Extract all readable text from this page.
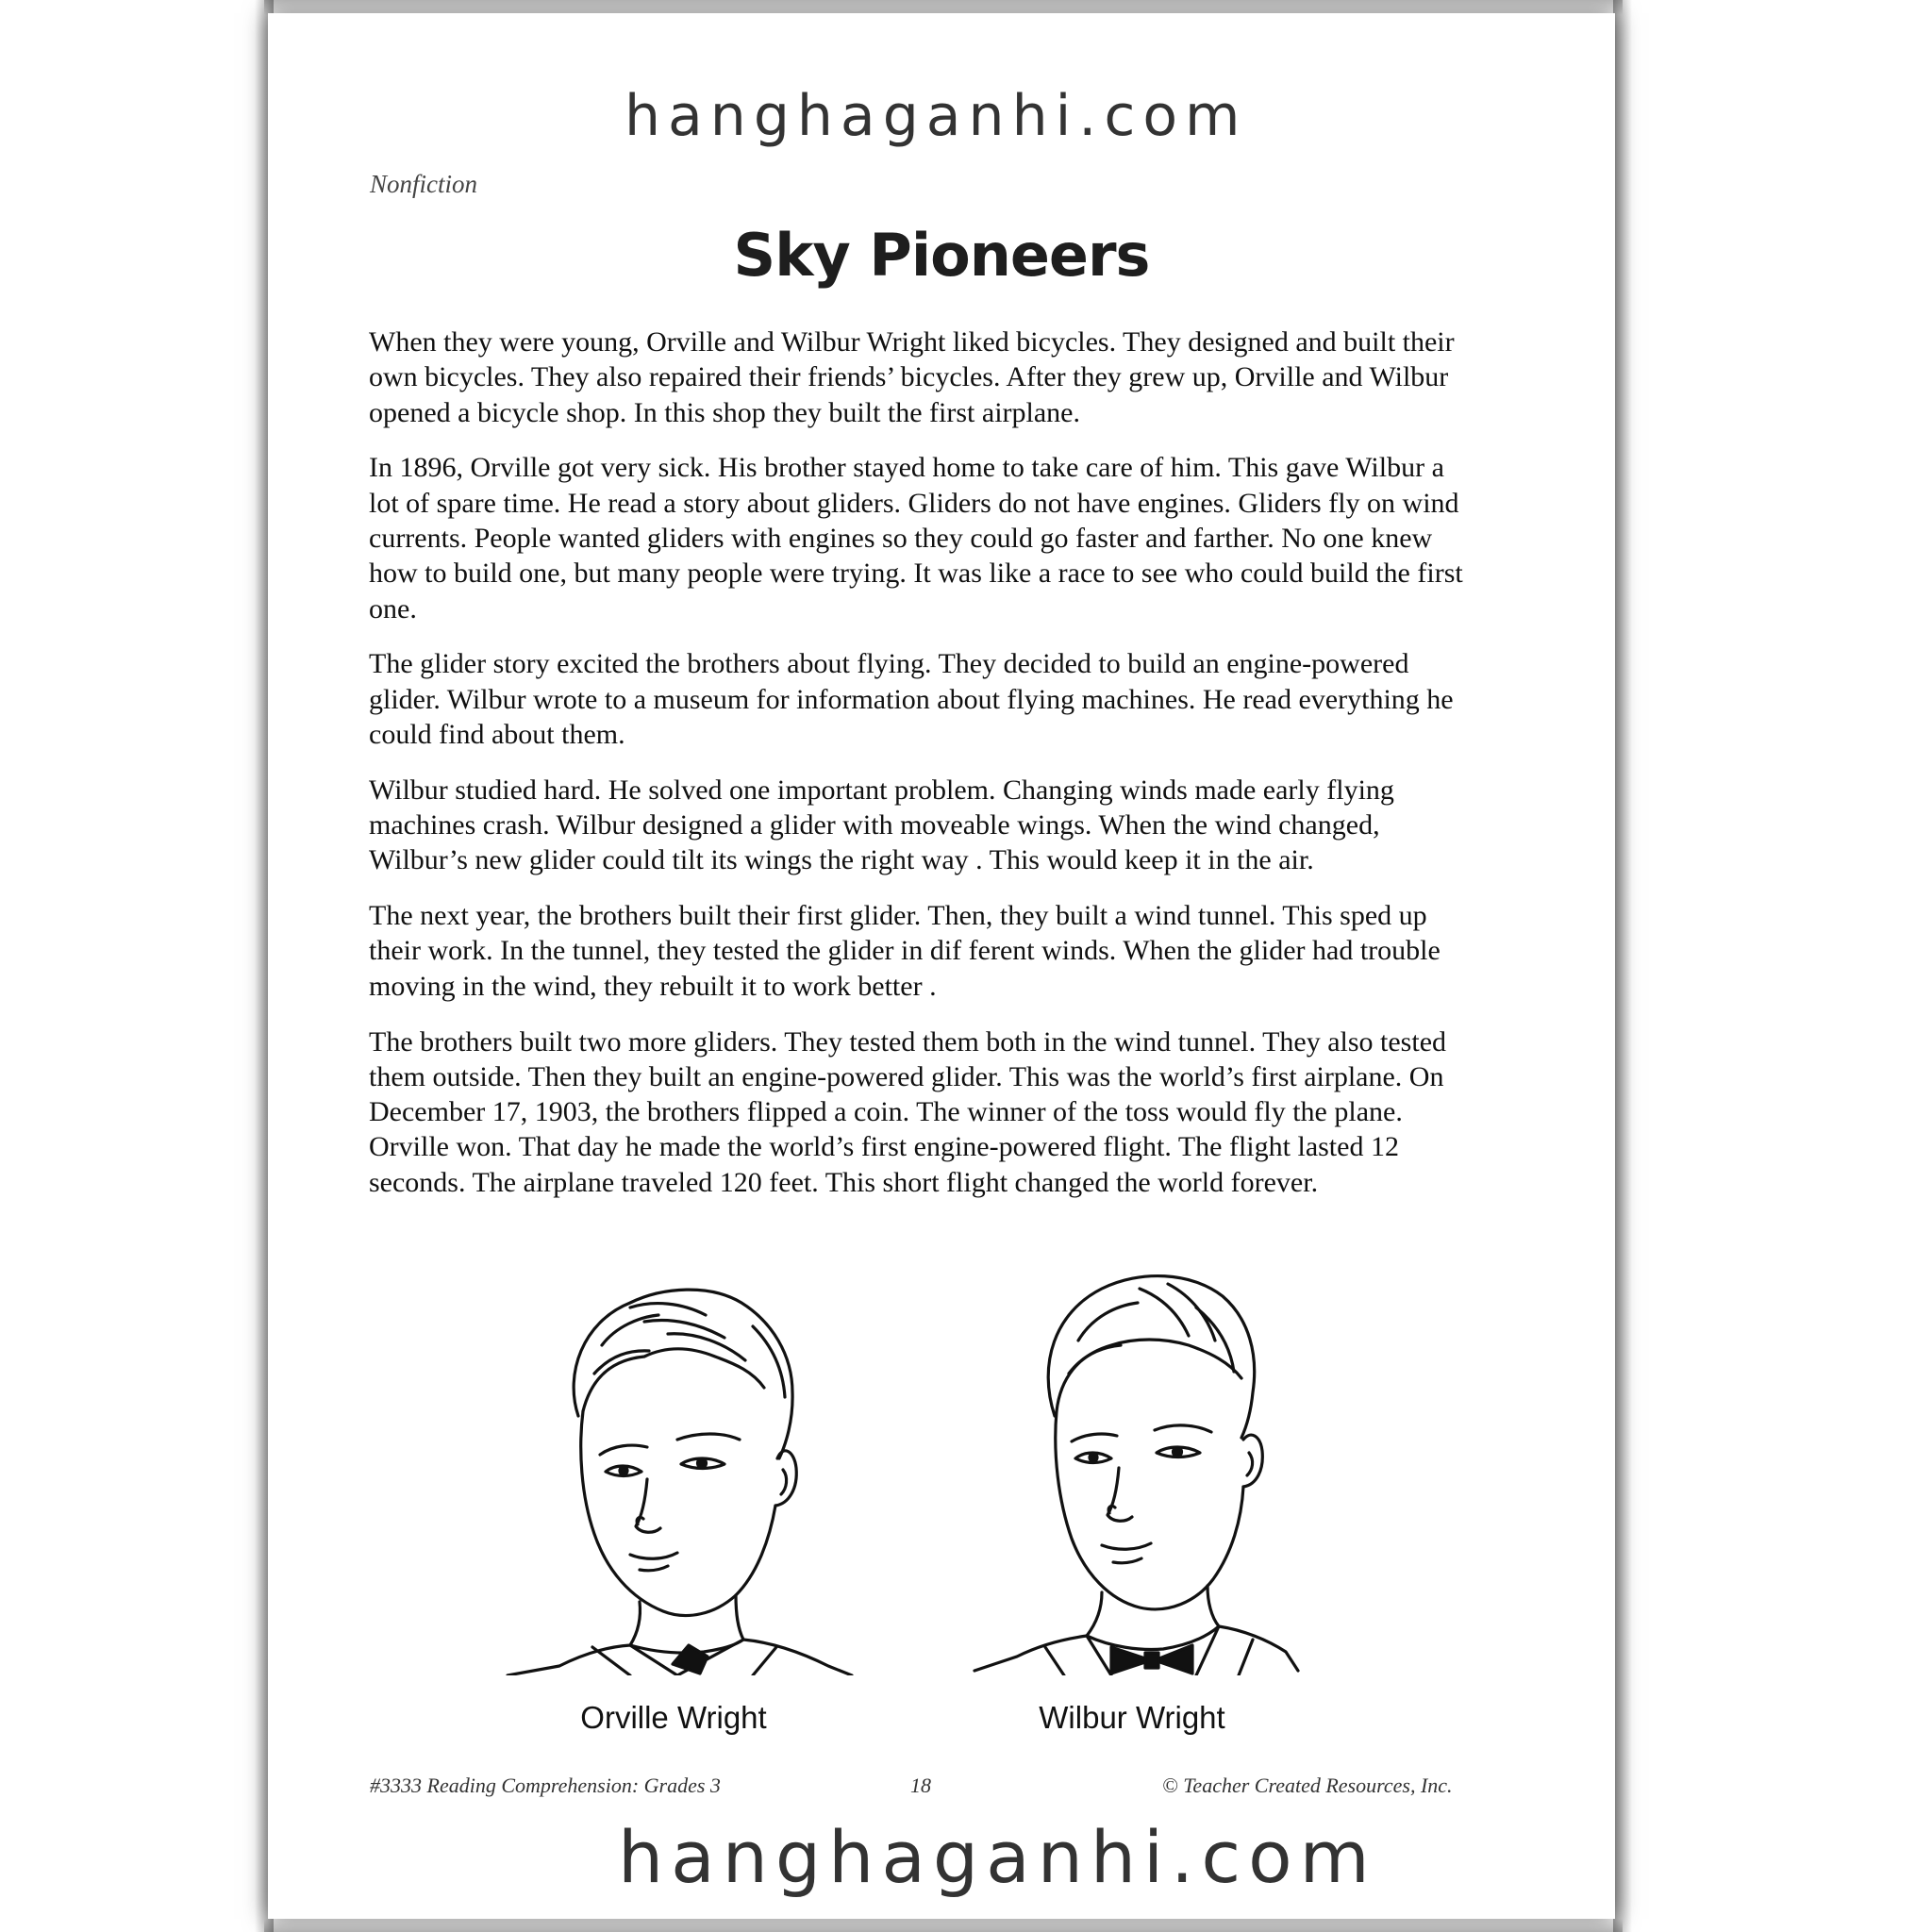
hanghaganhi.com
Nonfiction
Sky Pioneers

When they were young, Orville and Wilbur Wright liked bicycles. They designed and built their own bicycles. They also repaired their friends’ bicycles. After they grew up, Orville and Wilbur opened a bicycle shop. In this shop they built the first airplane.

In 1896, Orville got very sick. His brother stayed home to take care of him. This gave Wilbur a lot of spare time. He read a story about gliders. Gliders do not have engines. Gliders fly on wind currents. People wanted gliders with engines so they could go faster and farther. No one knew how to build one, but many people were trying. It was like a race to see who could build the first one.

The glider story excited the brothers about flying. They decided to build an engine-powered glider. Wilbur wrote to a museum for information about flying machines. He read everything he could find about them.

Wilbur studied hard. He solved one important problem. Changing winds made early flying machines crash. Wilbur designed a glider with moveable wings. When the wind changed, Wilbur’s new glider could tilt its wings the right way . This would keep it in the air.

The next year, the brothers built their first glider. Then, they built a wind tunnel. This sped up their work. In the tunnel, they tested the glider in dif ferent winds. When the glider had trouble moving in the wind, they rebuilt it to work better .

The brothers built two more gliders. They tested them both in the wind tunnel. They also tested them outside. Then they built an engine-powered glider. This was the world’s first airplane. On December 17, 1903, the brothers flipped a coin. The winner of the toss would fly the plane. Orville won. That day he made the world’s first engine-powered flight. The flight lasted 12 seconds. The airplane traveled 120 feet. This short flight changed the world forever.

Orville Wright	Wilbur Wright
#3333 Reading Comprehension: Grades 3	18	© Teacher Created Resources, Inc.
hanghaganhi.com
